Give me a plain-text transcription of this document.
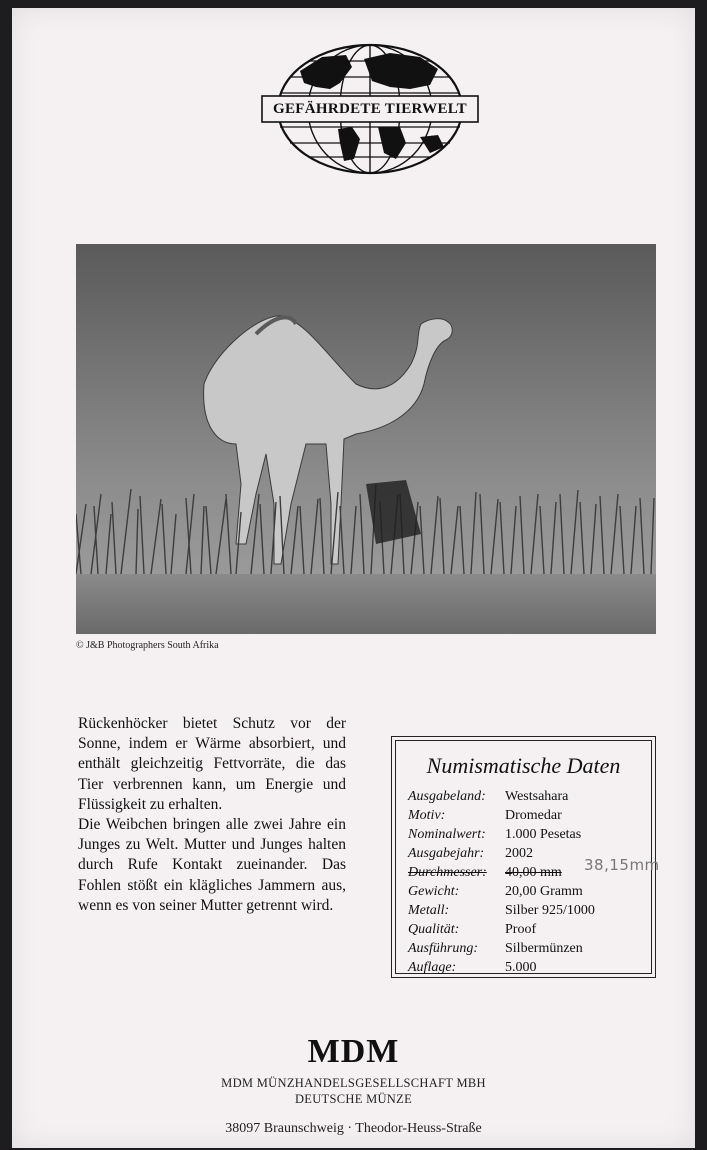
GEFÄHRDETE TIERWELT
© J&B Photographers South Afrika

Rückenhöcker bietet Schutz vor der Sonne, indem er Wärme absorbiert, und enthält gleichzeitig Fettvorräte, die das Tier verbrennen kann, um Energie und Flüssigkeit zu erhalten.

Die Weibchen bringen alle zwei Jahre ein Junges zu Welt. Mutter und Junges halten durch Rufe Kontakt zueinander. Das Fohlen stößt ein klägliches Jammern aus, wenn es von seiner Mutter getrennt wird.

Numismatische Daten
Ausgabeland: Westsahara
Motiv:	Dromedar
Nominalwert: 1.000 Pesetas
Ausgabejahr: 2002
Durchmesser: 40,00 mm 38,15mm
Gewicht:	20,00 Gramm
Metall:	Silber 925/1000
Qualität:	Proof
Ausführung: Silbermünzen
Auflage:	5.000
MDM
MDM MÜNZHANDELSGESELLSCHAFT MBH
DEUTSCHE MÜNZE
38097 Braunschweig · Theodor-Heuss-Straße
